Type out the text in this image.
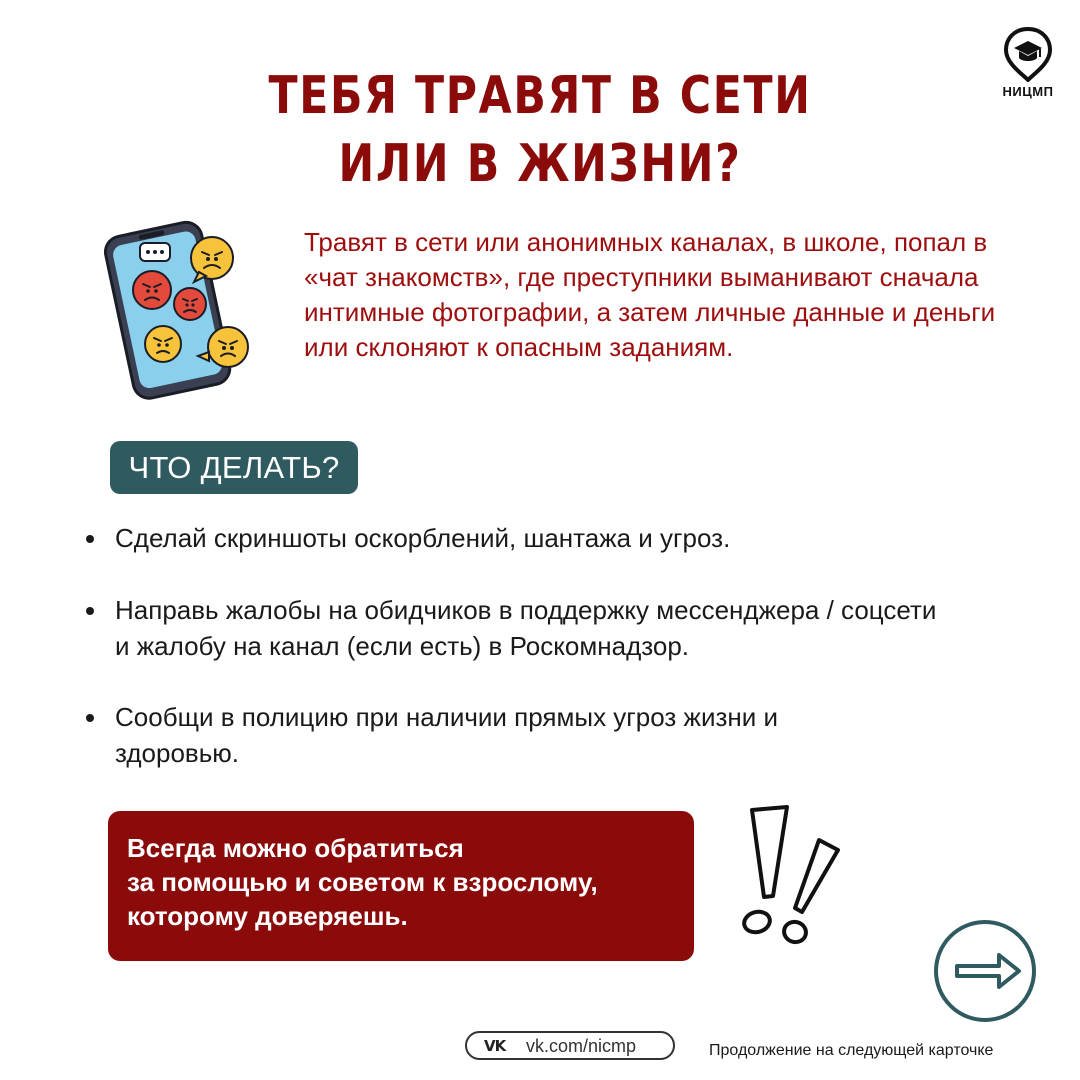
НИЦМП
ТЕБЯ ТРАВЯТ В СЕТИ
ИЛИ В ЖИЗНИ?
Травят в сети или анонимных каналах, в школе, попал в «чат знакомств», где преступники выманивают сначала интимные фотографии, а затем личные данные и деньги или склоняют к опасным заданиям.
ЧТО ДЕЛАТЬ?
Сделай скриншоты оскорблений, шантажа и угроз.
Направь жалобы на обидчиков в поддержку мессенджера / соцсети и жалобу на канал (если есть) в Роскомнадзор.
Сообщи в полицию при наличии прямых угроз жизни и здоровью.
Всегда можно обратиться
за помощью и советом к взрослому,
которому доверяешь.
VK vk.com/nicmp	Продолжение на следующей карточке
